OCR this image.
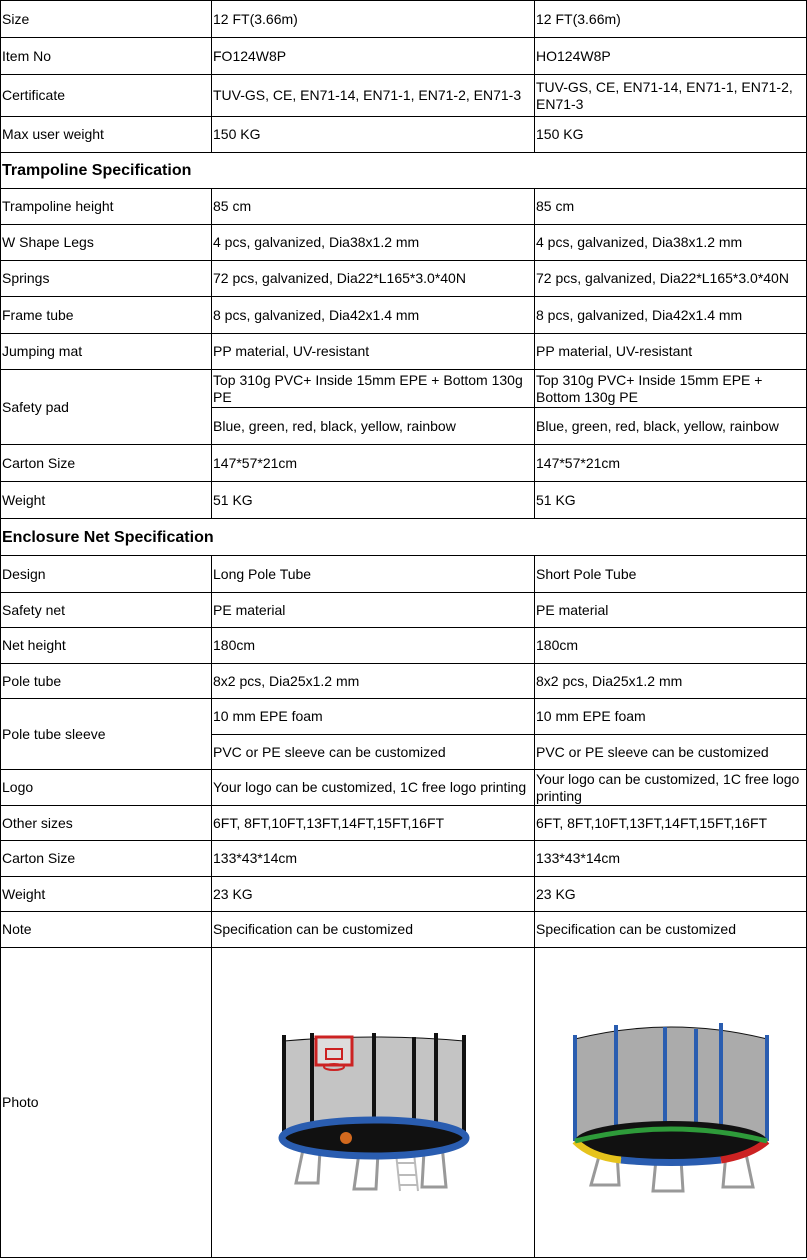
Size	12 FT(3.66m)	12 FT(3.66m)
Item No	FO124W8P	HO124W8P
Certificate	TUV-GS, CE, EN71-14, EN71-1, EN71-2, EN71-3	TUV-GS, CE, EN71-14, EN71-1, EN71-2, EN71-3
Max user weight	150 KG	150 KG
Trampoline Specification		
Trampoline height	85 cm	85 cm
W Shape Legs	4 pcs, galvanized, Dia38x1.2 mm	4 pcs, galvanized, Dia38x1.2 mm
Springs	72 pcs, galvanized, Dia22*L165*3.0*40N	72 pcs, galvanized, Dia22*L165*3.0*40N
Frame tube	8 pcs, galvanized, Dia42x1.4 mm	8 pcs, galvanized, Dia42x1.4 mm
Jumping mat	PP material, UV-resistant	PP material, UV-resistant
Safety pad	Top 310g PVC+ Inside 15mm EPE + Bottom 130g PE	Top 310g PVC+ Inside 15mm EPE + Bottom 130g PE
	Blue, green, red, black, yellow, rainbow	Blue, green, red, black, yellow, rainbow
Carton Size	147*57*21cm	147*57*21cm
Weight	51 KG	51 KG
Enclosure Net Specification		
Design	Long Pole Tube	Short Pole Tube
Safety net	PE material	PE material
Net height	180cm	180cm
Pole tube	8x2 pcs, Dia25x1.2 mm	8x2 pcs, Dia25x1.2 mm
Pole tube sleeve	10 mm EPE foam	10 mm EPE foam
	PVC or PE sleeve can be customized	PVC or PE sleeve can be customized
Logo	Your logo can be customized, 1C free logo printing	Your logo can be customized, 1C free logo printing
Other sizes	6FT, 8FT,10FT,13FT,14FT,15FT,16FT	6FT, 8FT,10FT,13FT,14FT,15FT,16FT
Carton Size	133*43*14cm	133*43*14cm
Weight	23 KG	23 KG
Note	Specification can be customized	Specification can be customized
Photo	
